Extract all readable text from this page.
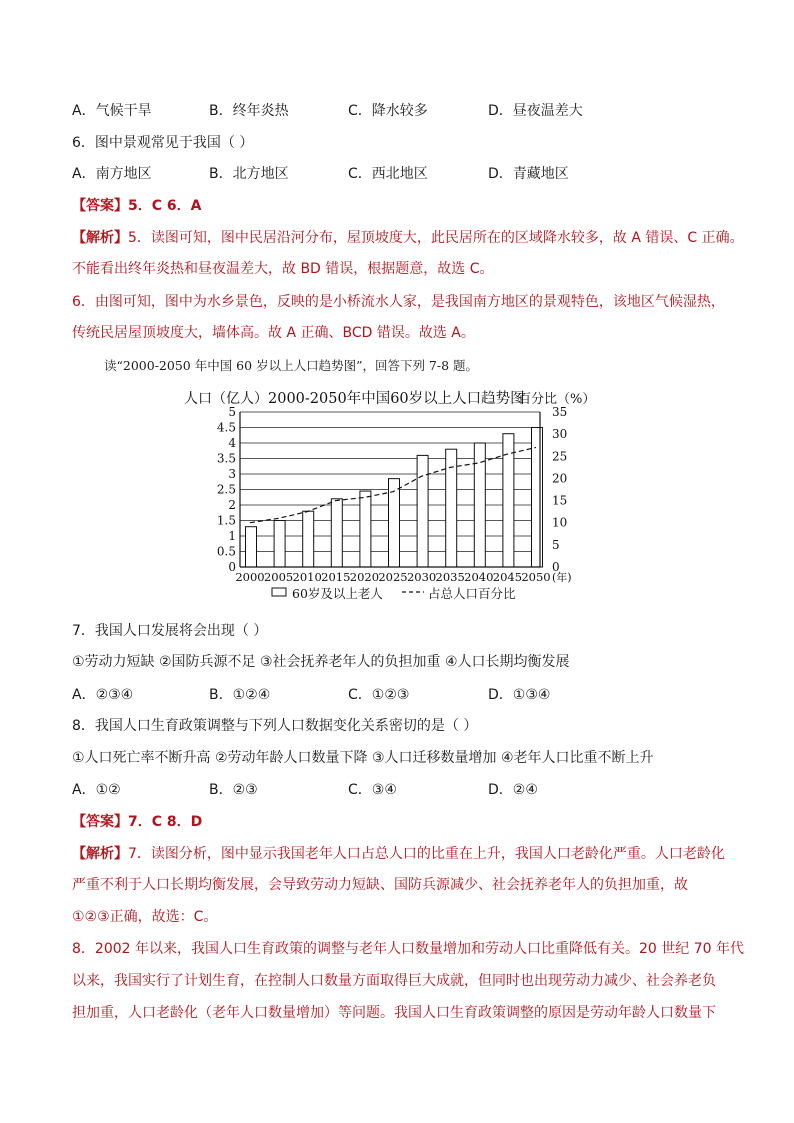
A．气候干旱	B．终年炎热	C．降水较多	D．昼夜温差大
6．图中景观常见于我国（ ）
A．南方地区	B．北方地区	C．西北地区	D．青藏地区
【答案】5．C 6．A
【解析】5．读图可知，图中民居沿河分布，屋顶坡度大，此民居所在的区域降水较多，故 A 错误、C 正确。
不能看出终年炎热和昼夜温差大，故 BD 错误，根据题意，故选 C。
6．由图可知，图中为水乡景色，反映的是小桥流水人家，是我国南方地区的景观特色，该地区气候湿热，
传统民居屋顶坡度大，墙体高。故 A 正确、BCD 错误。故选 A。
读“2000-2050 年中国 60 岁以上人口趋势图”，回答下列 7-8 题。
0
0.5
1
1.5
2
2.5
3
3.5
4
4.5
5
0
5
10
15
20
25
30
35
2000 2005 2010 2015 2020 2025 2030 2035 2040 2045 2050
人口（亿人） 2000-2050年中国60岁以上人口趋势图
百分比（%）
(年)
60岁及以上老人	占总人口百分比
7．我国人口发展将会出现（ ）
①劳动力短缺 ②国防兵源不足 ③社会抚养老年人的负担加重 ④人口长期均衡发展
A．②③④	B．①②④	C．①②③	D．①③④
8．我国人口生育政策调整与下列人口数据变化关系密切的是（ ）
①人口死亡率不断升高 ②劳动年龄人口数量下降 ③人口迁移数量增加 ④老年人口比重不断上升
A．①②	B．②③	C．③④	D．②④
【答案】7．C 8．D
【解析】7．读图分析，图中显示我国老年人口占总人口的比重在上升，我国人口老龄化严重。人口老龄化
严重不利于人口长期均衡发展，会导致劳动力短缺、国防兵源减少、社会抚养老年人的负担加重，故
①②③正确，故选：C。
8．2002 年以来，我国人口生育政策的调整与老年人口数量增加和劳动人口比重降低有关。20 世纪 70 年代
以来，我国实行了计划生育，在控制人口数量方面取得巨大成就，但同时也出现劳动力减少、社会养老负
担加重，人口老龄化（老年人口数量增加）等问题。我国人口生育政策调整的原因是劳动年龄人口数量下
